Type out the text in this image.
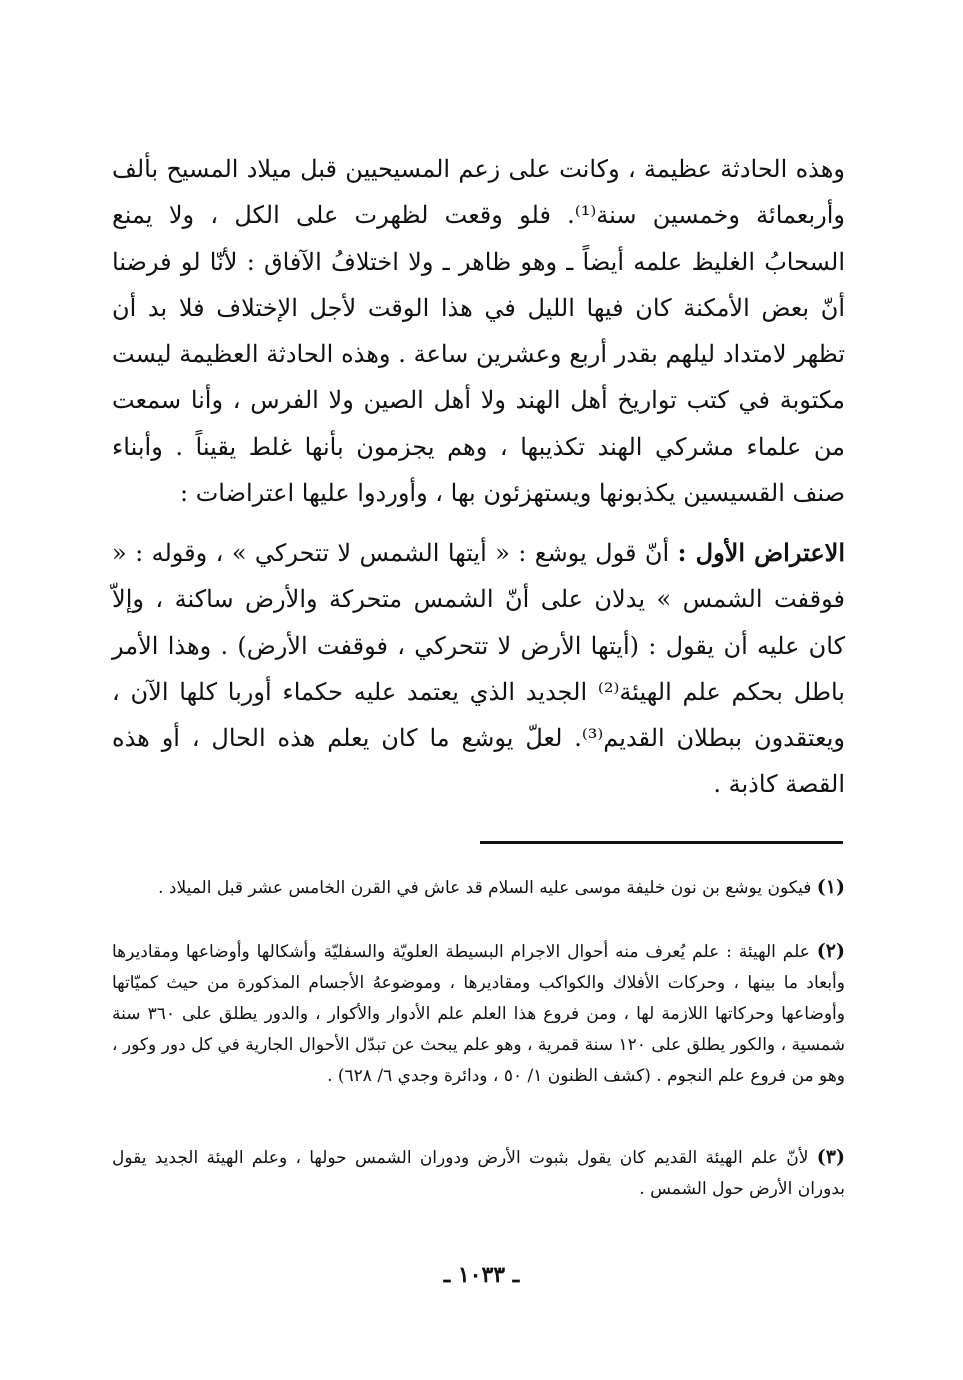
وهذه الحادثة عظيمة ، وكانت على زعم المسيحيين قبل ميلاد المسيح بألف وأربعمائة وخمسين سنة⁽¹⁾. فلو وقعت لظهرت على الكل ، ولا يمنع السحابُ الغليظ علمه أيضاً ـ وهو ظاهر ـ ولا اختلافُ الآفاق : لأنّا لو فرضنا أنّ بعض الأمكنة كان فيها الليل في هذا الوقت لأجل الإختلاف فلا بد أن تظهر لامتداد ليلهم بقدر أربع وعشرين ساعة . وهذه الحادثة العظيمة ليست مكتوبة في كتب تواريخ أهل الهند ولا أهل الصين ولا الفرس ، وأنا سمعت من علماء مشركي الهند تكذيبها ، وهم يجزمون بأنها غلط يقيناً . وأبناء صنف القسيسين يكذبونها ويستهزئون بها ، وأوردوا عليها اعتراضات :

الاعتراض الأول : أنّ قول يوشع : « أيتها الشمس لا تتحركي » ، وقوله : « فوقفت الشمس » يدلان على أنّ الشمس متحركة والأرض ساكنة ، وإلاّ كان عليه أن يقول : (أيتها الأرض لا تتحركي ، فوقفت الأرض) . وهذا الأمر باطل بحكم علم الهيئة⁽²⁾ الجديد الذي يعتمد عليه حكماء أوربا كلها الآن ، ويعتقدون ببطلان القديم⁽³⁾. لعلّ يوشع ما كان يعلم هذه الحال ، أو هذه القصة كاذبة .

(١) فيكون يوشع بن نون خليفة موسى عليه السلام قد عاش في القرن الخامس عشر قبل الميلاد .

(٢) علم الهيئة : علم يُعرف منه أحوال الاجرام البسيطة العلويّة والسفليّة وأشكالها وأوضاعها ومقاديرها وأبعاد ما بينها ، وحركات الأفلاك والكواكب ومقاديرها ، وموضوعهُ الأجسام المذكورة من حيث كميّاتها وأوضاعها وحركاتها اللازمة لها ، ومن فروع هذا العلم علم الأدوار والأكوار ، والدور يطلق على ٣٦٠ سنة شمسية ، والكور يطلق على ١٢٠ سنة قمرية ، وهو علم يبحث عن تبدّل الأحوال الجارية في كل دور وكور ، وهو من فروع علم النجوم . (كشف الظنون ١/ ٥٠ ، ودائرة وجدي ٦/ ٦٢٨) .

(٣) لأنّ علم الهيئة القديم كان يقول بثبوت الأرض ودوران الشمس حولها ، وعلم الهيئة الجديد يقول بدوران الأرض حول الشمس .

ـ ١٠٣٣ ـ
